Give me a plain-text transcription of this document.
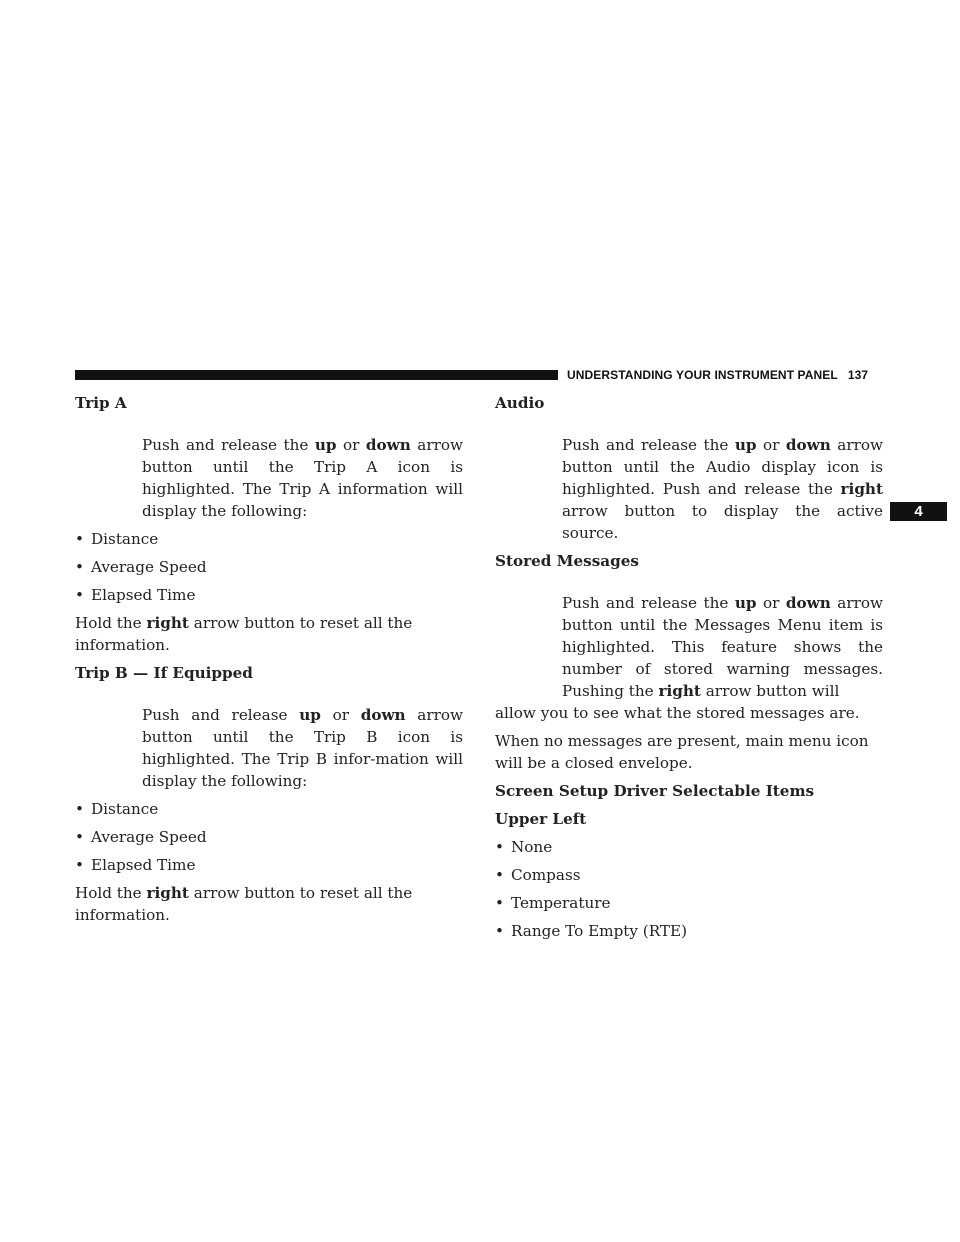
UNDERSTANDING YOUR INSTRUMENT PANEL 137
4
Trip A
Push and release the up or down arrow button until the Trip A icon is highlighted. The Trip A information will display the following:
• Distance
• Average Speed
• Elapsed Time
Hold the right arrow button to reset all the information.
Trip B — If Equipped
Push and release up or down arrow button until the Trip B icon is highlighted. The Trip B infor-mation will display the following:
• Distance
• Average Speed
• Elapsed Time
Hold the right arrow button to reset all the information.
Audio
Push and release the up or down arrow button until the Audio display icon is highlighted. Push and release the right arrow button to display the active source.
Stored Messages
Push and release the up or down arrow button until the Messages Menu item is highlighted. This feature shows the number of stored warning messages. Pushing the right arrow button will
allow you to see what the stored messages are.
When no messages are present, main menu icon will be a closed envelope.
Screen Setup Driver Selectable Items
Upper Left
• None
• Compass
• Temperature
• Range To Empty (RTE)
